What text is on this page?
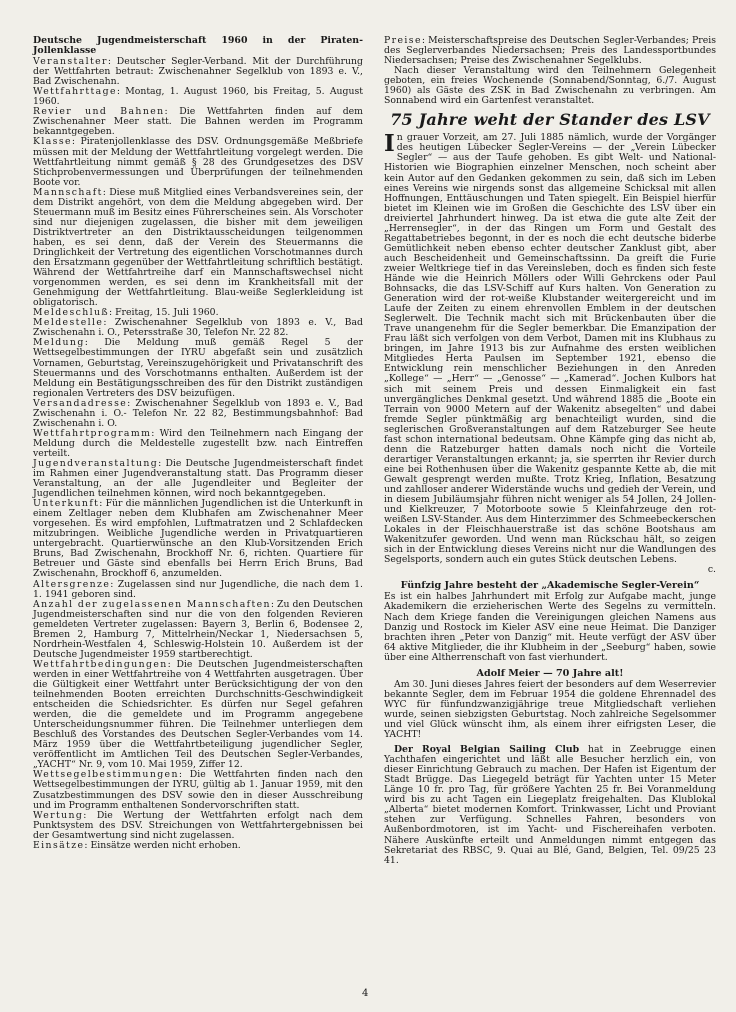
Deutsche Jugendmeisterschaft 1960 in der Piraten-Jollenklasse

Veranstalter: Deutscher Segler-Verband. Mit der Durchführung der Wettfahrten betraut: Zwischenahner Segelklub von 1893 e. V., Bad Zwischenahn.

Wettfahrttage: Montag, 1. August 1960, bis Freitag, 5. August 1960.

Revier und Bahnen: Die Wettfahrten finden auf dem Zwischenahner Meer statt. Die Bahnen werden im Programm bekanntgegeben.

Klasse: Piratenjollenklasse des DSV. Ordnungsgemäße Meßbriefe müssen mit der Meldung der Wettfahrtleitung vorgelegt werden. Die Wettfahrtleitung nimmt gemäß § 28 des Grundgesetzes des DSV Stichprobenvermessungen und Überprüfungen der teilnehmenden Boote vor.

Mannschaft: Diese muß Mitglied eines Verbandsvereines sein, der dem Distrikt angehört, von dem die Meldung abgegeben wird. Der Steuermann muß im Besitz eines Führerscheines sein. Als Vorschoter sind nur diejenigen zugelassen, die bisher mit dem jeweiligen Distriktvertreter an den Distriktausscheidungen teilgenommen haben, es sei denn, daß der Verein des Steuermanns die Dringlichkeit der Vertretung des eigentlichen Vorschotmannes durch den Ersatzmann gegenüber der Wettfahrtleitung schriftlich bestätigt. Während der Wettfahrtreihe darf ein Mannschaftswechsel nicht vorgenommen werden, es sei denn im Krankheitsfall mit der Genehmigung der Wettfahrtleitung. Blau-weiße Seglerkleidung ist obligatorisch.

Meldeschluß: Freitag, 15. Juli 1960.

Meldestelle: Zwischenahner Segelklub von 1893 e. V., Bad Zwischenahn i. O., Petersstraße 30, Telefon Nr. 22 82.

Meldung: Die Meldung muß gemäß Regel 5 der Wettsegelbestimmungen der IYRU abgefaßt sein und zusätzlich Vornamen, Geburtstag, Vereinszugehörigkeit und Privatanschrift des Steuermanns und des Vorschotmanns enthalten. Außerdem ist der Meldung ein Bestätigungsschreiben des für den Distrikt zuständigen regionalen Vertreters des DSV beizufügen.

Versandadresse: Zwischenahner Segelklub von 1893 e. V., Bad Zwischenahn i. O.- Telefon Nr. 22 82, Bestimmungsbahnhof: Bad Zwischenahn i. O.

Wettfahrtprogramm: Wird den Teilnehmern nach Eingang der Meldung durch die Meldestelle zugestellt bzw. nach Eintreffen verteilt.

Jugendveranstaltung: Die Deutsche Jugendmeisterschaft findet im Rahmen einer Jugendveranstaltung statt. Das Programm dieser Veranstaltung, an der alle Jugendleiter und Begleiter der Jugendlichen teilnehmen können, wird noch bekanntgegeben.

Unterkunft: Für die männlichen Jugendlichen ist die Unterkunft in einem Zeltlager neben dem Klubhafen am Zwischenahner Meer vorgesehen. Es wird empfohlen, Luftmatratzen und 2 Schlafdecken mitzubringen. Weibliche Jugendliche werden in Privatquartieren untergebracht. Quartierwünsche an den Klub-Vorsitzenden Erich Bruns, Bad Zwischenahn, Brockhoff Nr. 6, richten. Quartiere für Betreuer und Gäste sind ebenfalls bei Herrn Erich Bruns, Bad Zwischenahn, Brockhoff 6, anzumelden.

Altersgrenze: Zugelassen sind nur Jugendliche, die nach dem 1. 1. 1941 geboren sind.

Anzahl der zugelassenen Mannschaften: Zu den Deutschen Jugendmeisterschaften sind nur die von den folgenden Revieren gemeldeten Vertreter zugelassen: Bayern 3, Berlin 6, Bodensee 2, Bremen 2, Hamburg 7, Mittelrhein/Neckar 1, Niedersachsen 5, Nordrhein-Westfalen 4, Schleswig-Holstein 10. Außerdem ist der Deutsche Jugendmeister 1959 startberechtigt.

Wettfahrtbedingungen: Die Deutschen Jugendmeisterschaften werden in einer Wettfahrtreihe von 4 Wettfahrten ausgetragen. Über die Gültigkeit einer Wettfahrt unter Berücksichtigung der von den teilnehmenden Booten erreichten Durchschnitts-Geschwindigkeit entscheiden die Schiedsrichter. Es dürfen nur Segel gefahren werden, die die gemeldete und im Programm angegebene Unterscheidungsnummer führen. Die Teilnehmer unterliegen dem Beschluß des Vorstandes des Deutschen Segler-Verbandes vom 14. März 1959 über die Wettfahrtbeteiligung jugendlicher Segler, veröffentlicht im Amtlichen Teil des Deutschen Segler-Verbandes, „YACHT“ Nr. 9, vom 10. Mai 1959, Ziffer 12.

Wettsegelbestimmungen: Die Wettfahrten finden nach den Wettsegelbestimmungen der IYRU, gültig ab 1. Januar 1959, mit den Zusatzbestimmungen des DSV sowie den in dieser Ausschreibung und im Programm enthaltenen Sondervorschriften statt.

Wertung: Die Wertung der Wettfahrten erfolgt nach dem Punktsystem des DSV. Streichungen von Wettfahrtergebnissen bei der Gesamtwertung sind nicht zugelassen.

Einsätze: Einsätze werden nicht erhoben.

Preise: Meisterschaftspreise des Deutschen Segler-Verbandes; Preis des Seglerverbandes Niedersachsen; Preis des Landessportbundes Niedersachsen; Preise des Zwischenahner Segelklubs.

Nach dieser Veranstaltung wird den Teilnehmern Gelegenheit geboten, ein freies Wochenende (Sonnabend/Sonntag, 6./7. August 1960) als Gäste des ZSK in Bad Zwischenahn zu verbringen. Am Sonnabend wird ein Gartenfest veranstaltet.

75 Jahre weht der Stander des LSV

In grauer Vorzeit, am 27. Juli 1885 nämlich, wurde der Vorgänger des heutigen Lübecker Segler-Vereins — der „Verein Lübecker Segler“ — aus der Taufe gehoben. Es gibt Welt- und National-Historien wie Biographien einzelner Menschen, noch scheint aber kein Autor auf den Gedanken gekommen zu sein, daß sich im Leben eines Vereins wie nirgends sonst das allgemeine Schicksal mit allen Hoffnungen, Enttäuschungen und Taten spiegelt. Ein Beispiel hierfür bietet im Kleinen wie im Großen die Geschichte des LSV über ein dreiviertel Jahrhundert hinweg. Da ist etwa die gute alte Zeit der „Herrensegler“, in der das Ringen um Form und Gestalt des Regattabetriebes begonnt, in der es noch die echt deutsche biderbe Gemütlichkeit neben ebenso echter deutscher Zanklust gibt, aber auch Bescheidenheit und Gemeinschaftssinn. Da greift die Furie zweier Weltkriege tief in das Vereinsleben, doch es finden sich feste Hände wie die Heinrich Möllers oder Willi Gehrckens oder Paul Bohnsacks, die das LSV-Schiff auf Kurs halten. Von Generation zu Generation wird der rot-weiße Klubstander weitergereicht und im Laufe der Zeiten zu einem ehrenvollen Emblem in der deutschen Seglerwelt. Die Technik macht sich mit Brückenbauten über die Trave unangenehm für die Segler bemerkbar. Die Emanzipation der Frau läßt sich verfolgen von dem Verbot, Damen mit ins Klubhaus zu bringen, im Jahre 1913 bis zur Aufnahme des ersten weiblichen Mitgliedes Herta Paulsen im September 1921, ebenso die Entwicklung rein menschlicher Beziehungen in den Anreden „Kollege“ — „Herr“ — „Genosse“ — „Kamerad“. Jochen Kulbors hat sich mit seinem Preis und dessen Einmaligkeit ein fast unvergängliches Denkmal gesetzt. Und während 1885 die „Boote ein Terrain von 9000 Metern auf der Wakenitz absegelten“ und dabei fremde Segler pünktmäßig arg benachteiligt wurden, sind die seglerischen Großveranstaltungen auf dem Ratzeburger See heute fast schon international bedeutsam. Ohne Kämpfe ging das nicht ab, denn die Ratzeburger hatten damals noch nicht die Vorteile derartiger Veranstaltungen erkannt; ja, sie sperrten ihr Revier durch eine bei Rothenhusen über die Wakenitz gespannte Kette ab, die mit Gewalt gesprengt werden mußte. Trotz Krieg, Inflation, Besatzung und zahlloser anderer Widerstände wuchs und gedieh der Verein, und in diesem Jubiläumsjahr führen nicht weniger als 54 Jollen, 24 Jollen- und Kielkreuzer, 7 Motorboote sowie 5 Kleinfahrzeuge den rot-weißen LSV-Stander. Aus dem Hinterzimmer des Schmeebeckerschen Lokales in der Fleischhauerstraße ist das schöne Bootshaus am Wakenitzufer geworden. Und wenn man Rückschau hält, so zeigen sich in der Entwicklung dieses Vereins nicht nur die Wandlungen des Segelsports, sondern auch ein gutes Stück deutschen Lebens.

c.

Fünfzig Jahre besteht der „Akademische Segler-Verein“

Es ist ein halbes Jahrhundert mit Erfolg zur Aufgabe macht, junge Akademikern die erzieherischen Werte des Segelns zu vermitteln. Nach dem Kriege fanden die Vereinigungen gleichen Namens aus Danzig und Rostock im Kieler ASV eine neue Heimat. Die Danziger brachten ihren „Peter von Danzig“ mit. Heute verfügt der ASV über 64 aktive Mitglieder, die ihr Klubheim in der „Seeburg“ haben, sowie über eine Altherrenschaft von fast vierhundert.

Adolf Meier — 70 Jahre alt!

Am 30. Juni dieses Jahres feiert der besonders auf dem Weserrevier bekannte Segler, dem im Februar 1954 die goldene Ehrennadel des WYC für fünfundzwanzigjährige treue Mitgliedschaft verliehen wurde, seinen siebzigsten Geburtstag. Noch zahlreiche Segelsommer und viel Glück wünscht ihm, als einem ihrer eifrigsten Leser, die YACHT!

Der Royal Belgian Sailing Club hat in Zeebrugge einen Yachthafen eingerichtet und läßt alle Besucher herzlich ein, von dieser Einrichtung Gebrauch zu machen. Der Hafen ist Eigentum der Stadt Brügge. Das Liegegeld beträgt für Yachten unter 15 Meter Länge 10 fr. pro Tag, für größere Yachten 25 fr. Bei Voranmeldung wird bis zu acht Tagen ein Liegeplatz freigehalten. Das Klublokal „Alberta“ bietet modernen Komfort. Trinkwasser, Licht und Proviant stehen zur Verfügung. Schnelles Fahren, besonders von Außenbordmotoren, ist im Yacht- und Fischereihafen verboten. Nähere Auskünfte erteilt und Anmeldungen nimmt entgegen das Sekretariat des RBSC, 9. Quai au Blé, Gand, Belgien, Tel. 09/25 23 41.

4
